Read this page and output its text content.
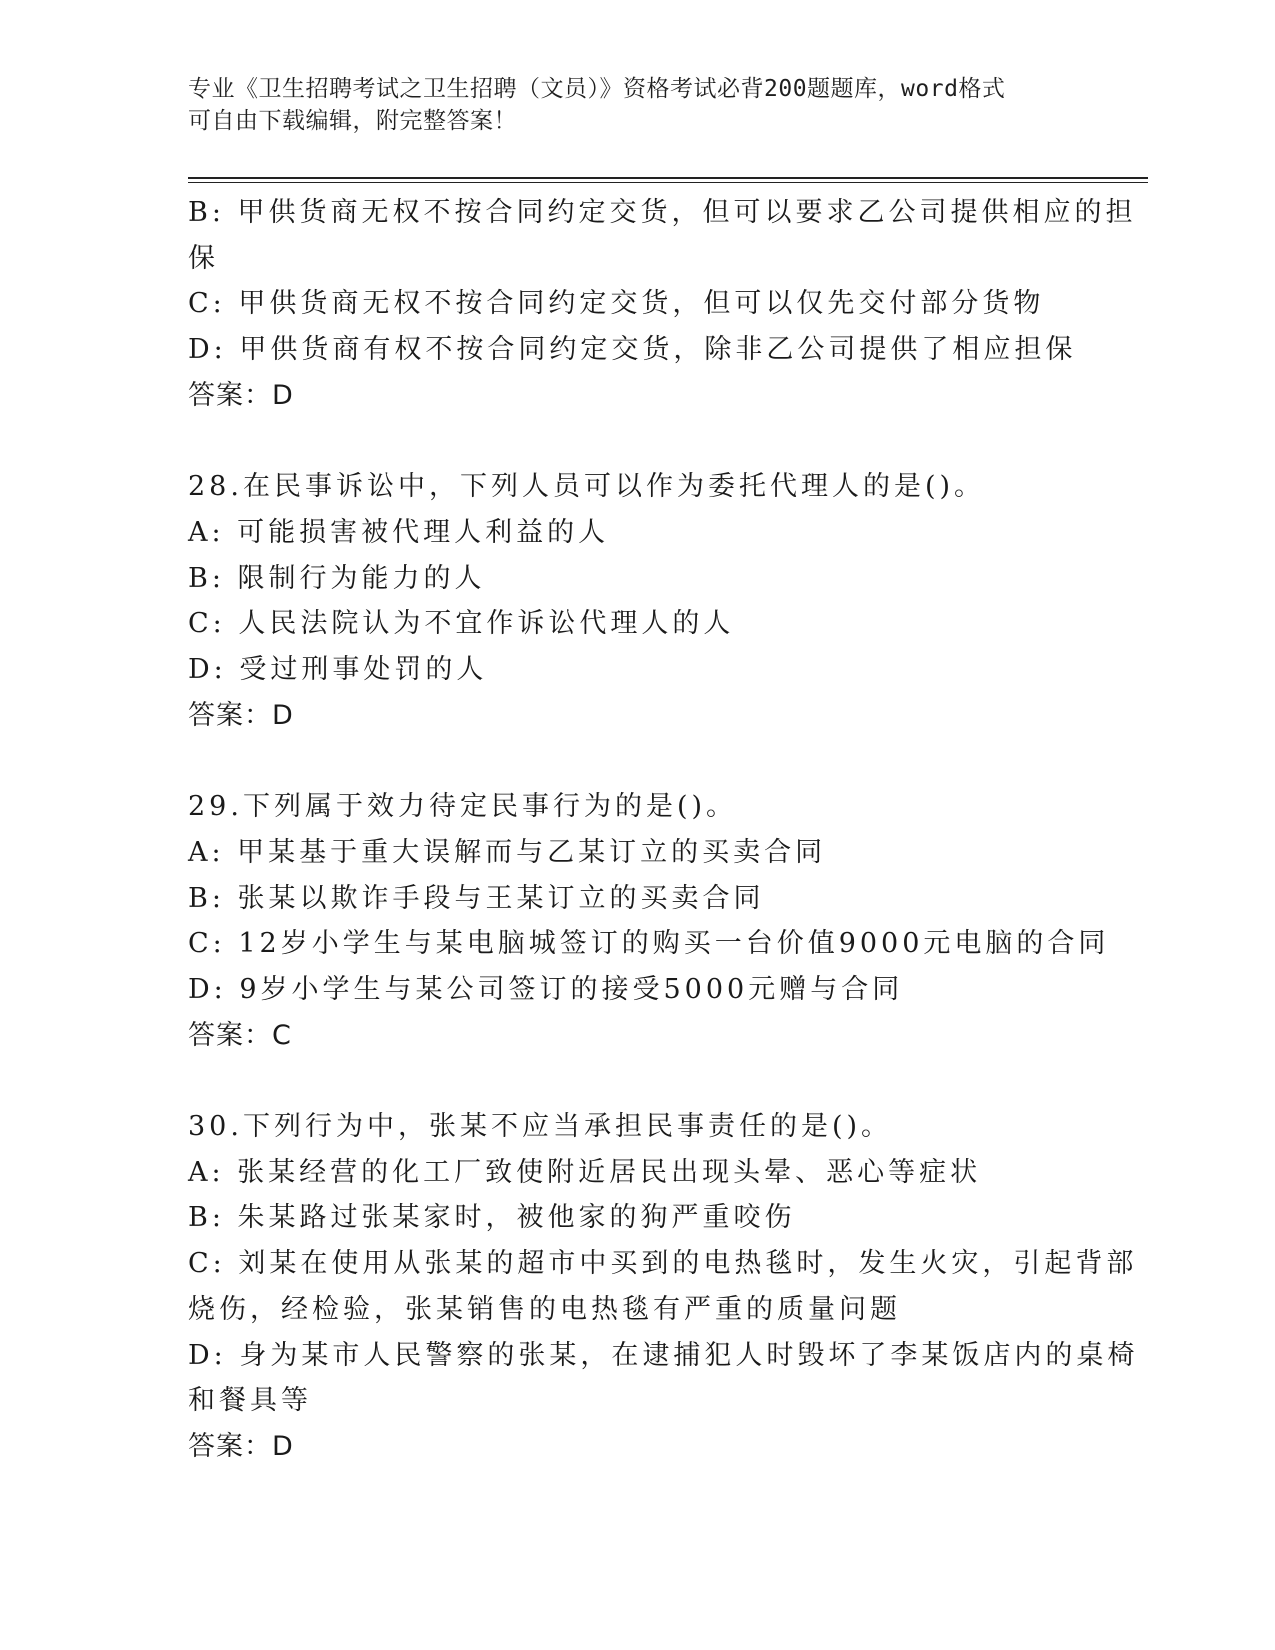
专业《卫生招聘考试之卫生招聘（文员）》资格考试必背200题题库，word格式

可自由下载编辑，附完整答案！

B: 甲供货商无权不按合同约定交货，但可以要求乙公司提供相应的担

保

C: 甲供货商无权不按合同约定交货，但可以仅先交付部分货物

D: 甲供货商有权不按合同约定交货，除非乙公司提供了相应担保

答案：D

28.在民事诉讼中，下列人员可以作为委托代理人的是()。

A: 可能损害被代理人利益的人

B: 限制行为能力的人

C: 人民法院认为不宜作诉讼代理人的人

D: 受过刑事处罚的人

答案：D

29.下列属于效力待定民事行为的是()。

A: 甲某基于重大误解而与乙某订立的买卖合同

B: 张某以欺诈手段与王某订立的买卖合同

C: 12岁小学生与某电脑城签订的购买一台价值9000元电脑的合同

D: 9岁小学生与某公司签订的接受5000元赠与合同

答案：C

30.下列行为中，张某不应当承担民事责任的是()。

A: 张某经营的化工厂致使附近居民出现头晕、恶心等症状

B: 朱某路过张某家时，被他家的狗严重咬伤

C: 刘某在使用从张某的超市中买到的电热毯时，发生火灾，引起背部

烧伤，经检验，张某销售的电热毯有严重的质量问题

D: 身为某市人民警察的张某，在逮捕犯人时毁坏了李某饭店内的桌椅

和餐具等

答案：D
